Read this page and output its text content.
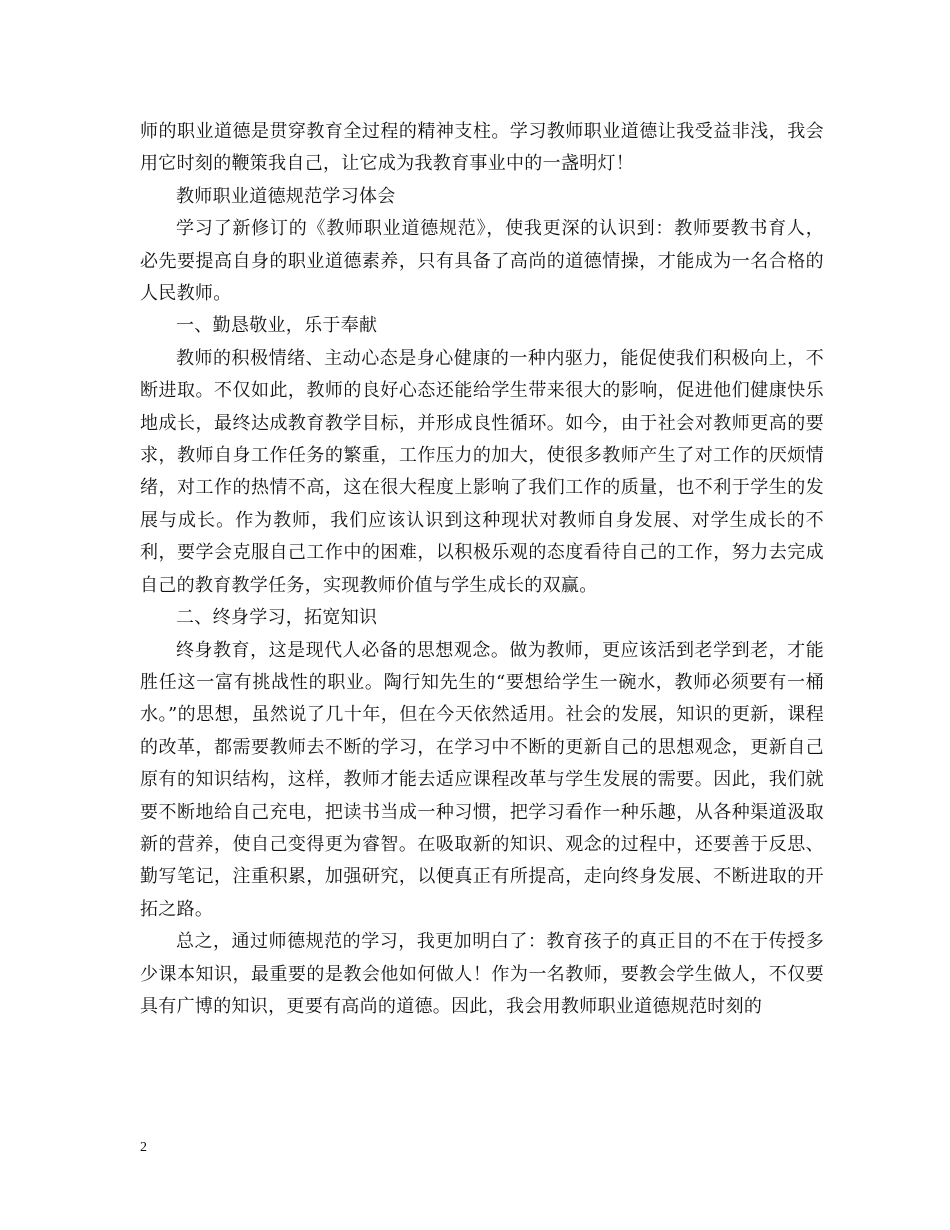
师的职业道德是贯穿教育全过程的精神支柱。学习教师职业道德让我受益非浅，我会用它时刻的鞭策我自己，让它成为我教育事业中的一盏明灯！

教师职业道德规范学习体会

学习了新修订的《教师职业道德规范》，使我更深的认识到：教师要教书育人，必先要提高自身的职业道德素养，只有具备了高尚的道德情操，才能成为一名合格的人民教师。

一、勤恳敬业，乐于奉献

教师的积极情绪、主动心态是身心健康的一种内驱力，能促使我们积极向上，不断进取。不仅如此，教师的良好心态还能给学生带来很大的影响，促进他们健康快乐地成长，最终达成教育教学目标，并形成良性循环。如今，由于社会对教师更高的要求，教师自身工作任务的繁重，工作压力的加大，使很多教师产生了对工作的厌烦情绪，对工作的热情不高，这在很大程度上影响了我们工作的质量，也不利于学生的发展与成长。作为教师，我们应该认识到这种现状对教师自身发展、对学生成长的不利，要学会克服自己工作中的困难，以积极乐观的态度看待自己的工作，努力去完成自己的教育教学任务，实现教师价值与学生成长的双赢。

二、终身学习，拓宽知识

终身教育，这是现代人必备的思想观念。做为教师，更应该活到老学到老，才能胜任这一富有挑战性的职业。陶行知先生的“要想给学生一碗水，教师必须要有一桶水。”的思想，虽然说了几十年，但在今天依然适用。社会的发展，知识的更新，课程的改革，都需要教师去不断的学习，在学习中不断的更新自己的思想观念，更新自己原有的知识结构，这样，教师才能去适应课程改革与学生发展的需要。因此，我们就要不断地给自己充电，把读书当成一种习惯，把学习看作一种乐趣，从各种渠道汲取新的营养，使自己变得更为睿智。在吸取新的知识、观念的过程中，还要善于反思、勤写笔记，注重积累，加强研究，以便真正有所提高，走向终身发展、不断进取的开拓之路。

总之，通过师德规范的学习，我更加明白了：教育孩子的真正目的不在于传授多少课本知识，最重要的是教会他如何做人！作为一名教师，要教会学生做人，不仅要具有广博的知识，更要有高尚的道德。因此，我会用教师职业道德规范时刻的

2
